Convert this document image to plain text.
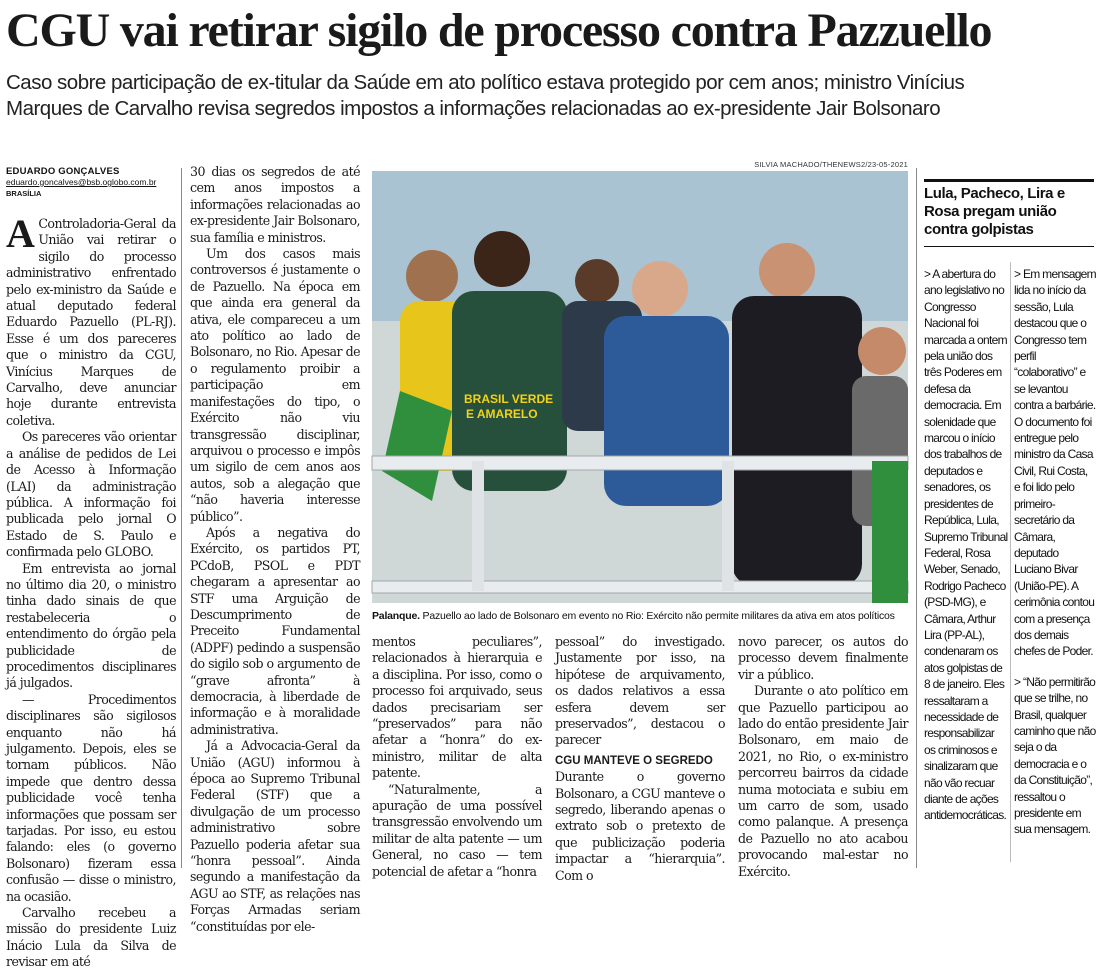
CGU vai retirar sigilo de processo contra Pazzuello
Caso sobre participação de ex-titular da Saúde em ato político estava protegido por cem anos; ministro Vinícius
Marques de Carvalho revisa segredos impostos a informações relacionadas ao ex-presidente Jair Bolsonaro
EDUARDO GONÇALVES
eduardo.goncalves@bsb.oglobo.com.br
BRASÍLIA

A Controladoria-Geral da União vai retirar o sigilo do processo administrativo enfrentado pelo ex-ministro da Saúde e atual deputado federal Eduardo Pazuello (PL-RJ). Esse é um dos pareceres que o ministro da CGU, Vinícius Marques de Carvalho, deve anunciar hoje durante entrevista coletiva.

Os pareceres vão orientar a análise de pedidos de Lei de Acesso à Informação (LAI) da administração pública. A informação foi publicada pelo jornal O Estado de S. Paulo e confirmada pelo GLOBO.

Em entrevista ao jornal no último dia 20, o ministro tinha dado sinais de que restabeleceria o entendimento do órgão pela publicidade de procedimentos disciplinares já julgados.

— Procedimentos disciplinares são sigilosos enquanto não há julgamento. Depois, eles se tornam públicos. Não impede que dentro dessa publicidade você tenha informações que possam ser tarjadas. Por isso, eu estou falando: eles (o governo Bolsonaro) fizeram essa confusão — disse o ministro, na ocasião.

Carvalho recebeu a missão do presidente Luiz Inácio Lula da Silva de revisar em até

30 dias os segredos de até cem anos impostos a informações relacionadas ao ex-presidente Jair Bolsonaro, sua família e ministros.

Um dos casos mais controversos é justamente o de Pazuello. Na época em que ainda era general da ativa, ele compareceu a um ato político ao lado de Bolsonaro, no Rio. Apesar de o regulamento proibir a participação em manifestações do tipo, o Exército não viu transgressão disciplinar, arquivou o processo e impôs um sigilo de cem anos aos autos, sob a alegação que “não haveria interesse público”.

Após a negativa do Exército, os partidos PT, PCdoB, PSOL e PDT chegaram a apresentar ao STF uma Arguição de Descumprimento de Preceito Fundamental (ADPF) pedindo a suspensão do sigilo sob o argumento de “grave afronta” à democracia, à liberdade de informação e à moralidade administrativa.

Já a Advocacia-Geral da União (AGU) informou à época ao Supremo Tribunal Federal (STF) que a divulgação de um processo administrativo sobre Pazuello poderia afetar sua “honra pessoal”. Ainda segundo a manifestação da AGU ao STF, as relações nas Forças Armadas seriam “constituídas por ele-

SILVIA MACHADO/THENEWS2/23-05-2021
BRASIL VERDE
E AMARELO
Palanque. Pazuello ao lado de Bolsonaro em evento no Rio: Exército não permite militares da ativa em atos políticos

mentos peculiares”, relacionados à hierarquia e a disciplina. Por isso, como o processo foi arquivado, seus dados precisariam ser “preservados” para não afetar a “honra” do ex-ministro, militar de alta patente.

“Naturalmente, a apuração de uma possível transgressão envolvendo um militar de alta patente — um General, no caso — tem potencial de afetar a “honra

pessoal” do investigado. Justamente por isso, na hipótese de arquivamento, os dados relativos a essa esfera devem ser preservados”, destacou o parecer

CGU MANTEVE O SEGREDO

Durante o governo Bolsonaro, a CGU manteve o segredo, liberando apenas o extrato sob o pretexto de que publicização poderia impactar a “hierarquia”. Com o

novo parecer, os autos do processo devem finalmente vir a público.

Durante o ato político em que Pazuello participou ao lado do então presidente Jair Bolsonaro, em maio de 2021, no Rio, o ex-ministro percorreu bairros da cidade numa motociata e subiu em um carro de som, usado como palanque. A presença de Pazuello no ato acabou provocando mal-estar no Exército.

Lula, Pacheco, Lira e Rosa pregam união contra golpistas

> A abertura do ano legislativo no Congresso Nacional foi marcada a ontem pela união dos três Poderes em defesa da democracia. Em solenidade que marcou o início dos trabalhos de deputados e senadores, os presidentes de República, Lula, Supremo Tribunal Federal, Rosa Weber, Senado, Rodrigo Pacheco (PSD-MG), e Câmara, Arthur Lira (PP-AL), condenaram os atos golpistas de 8 de janeiro. Eles ressaltaram a necessidade de responsabilizar os criminosos e sinalizaram que não vão recuar diante de ações antidemocráticas.

> Em mensagem lida no início da sessão, Lula destacou que o Congresso tem perfil “colaborativo” e se levantou contra a barbárie. O documento foi entregue pelo ministro da Casa Civil, Rui Costa, e foi lido pelo primeiro-secretário da Câmara, deputado Luciano Bivar (União-PE). A cerimônia contou com a presença dos demais chefes de Poder.

> “Não permitirão que se trilhe, no Brasil, qualquer caminho que não seja o da democracia e o da Constituição”, ressaltou o presidente em sua mensagem.
